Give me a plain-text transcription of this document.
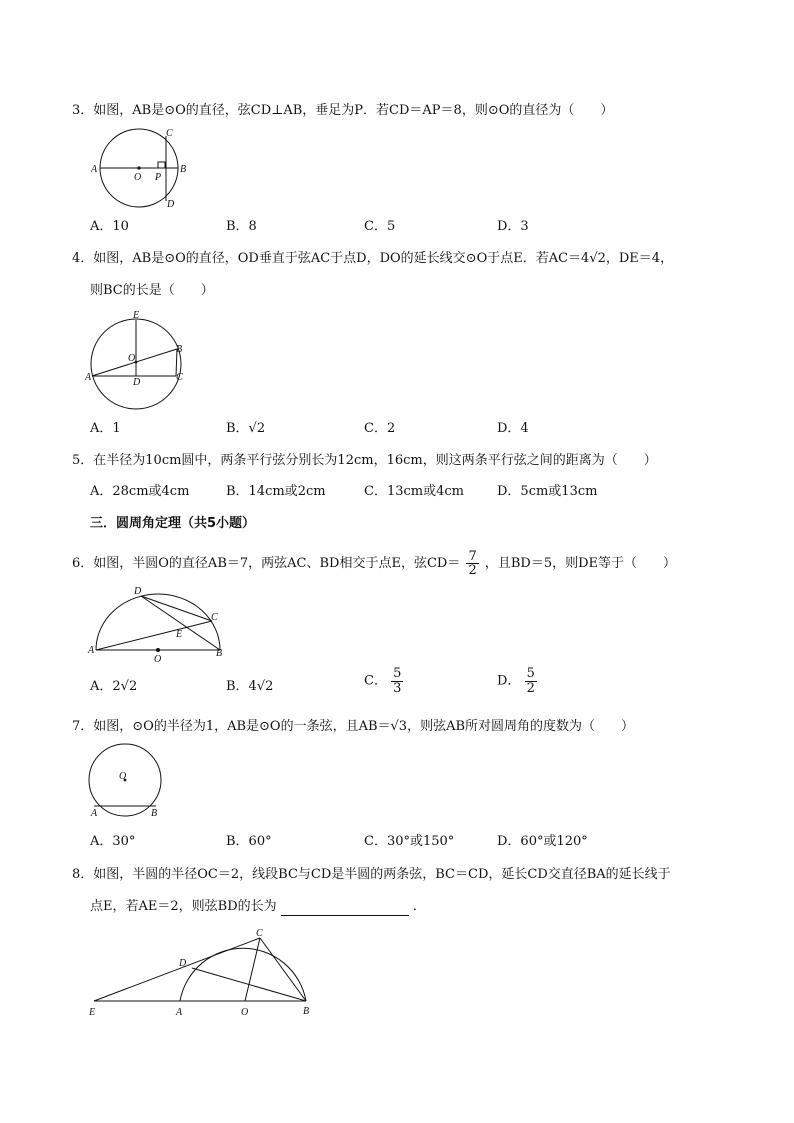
3．如图，AB是⊙O的直径，弦CD⊥AB，垂足为P．若CD＝AP＝8，则⊙O的直径为（　　）
A	B
C
D
O P
A．10	B．8	C．5	D．3
4．如图，AB是⊙O的直径，OD垂直于弦AC于点D，DO的延长线交⊙O于点E．若AC＝4√2，DE＝4，
则BC的长是（　　）
A
B
C
D
E
O
A．1	B．√2	C．2	D．4
5．在半径为10cm圆中，两条平行弦分别长为12cm，16cm，则这两条平行弦之间的距离为（　　）
A．28cm或4cm	B．14cm或2cm	C．13cm或4cm	D．5cm或13cm
三．圆周角定理（共5小题）
6．如图，半圆O的直径AB＝7，两弦AC、BD相交于点E，弦$CD= \frac{7}{2}$ ，且BD＝5，则DE等于（　　）
A	B
C
D
E
O
A．2√2	B．4√2	C． $\frac{5}{3}$	D． $\frac{5}{2}$
7．如图，⊙O的半径为1，AB是⊙O的一条弦，且AB＝√3，则弦AB所对圆周角的度数为（　　）
A	B
O
A．30°	B．60°	C．30°或150°	D．60°或120°
8．如图，半圆的半径OC＝2，线段BC与CD是半圆的两条弦，BC＝CD，延长CD交直径BA的延长线于
点E，若AE＝2，则弦BD的长为	．
E	A	O	B
C
D
